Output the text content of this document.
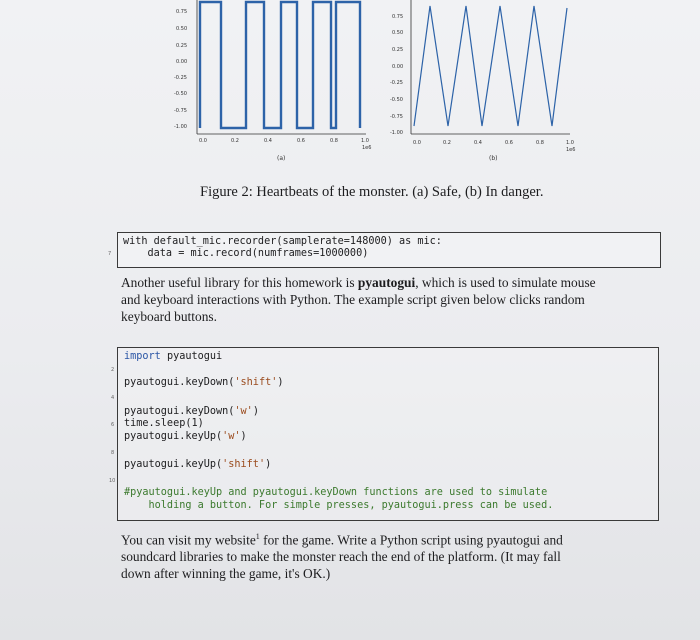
0.75
0.50
0.25
0.00
-0.25
-0.50
-0.75
-1.00
0.0	0.2	0.4	0.6	0.8	1.0
1e6
(a)
0.75
0.50
0.25
0.00
-0.25
-0.50
-0.75
-1.00
0.0	0.2	0.4	0.6	0.8	1.0
1e6
(b)
Figure 2: Heartbeats of the monster. (a) Safe, (b) In danger.
7
with default_mic.recorder(samplerate=148000) as mic:
data = mic.record(numframes=1000000)
Another useful library for this homework is pyautogui, which is used to simulate mouse
and keyboard interactions with Python. The example script given below clicks random
keyboard buttons.
2
4
6
8
10
import pyautogui
pyautogui.keyDown('shift')
pyautogui.keyDown('w')
time.sleep(1)
pyautogui.keyUp('w')
pyautogui.keyUp('shift')
#pyautogui.keyUp and pyautogui.keyDown functions are used to simulate
holding a button. For simple presses, pyautogui.press can be used.
You can visit my website$^1$ for the game. Write a Python script using pyautogui and
soundcard libraries to make the monster reach the end of the platform. (It may fall
down after winning the game, it's OK.)
